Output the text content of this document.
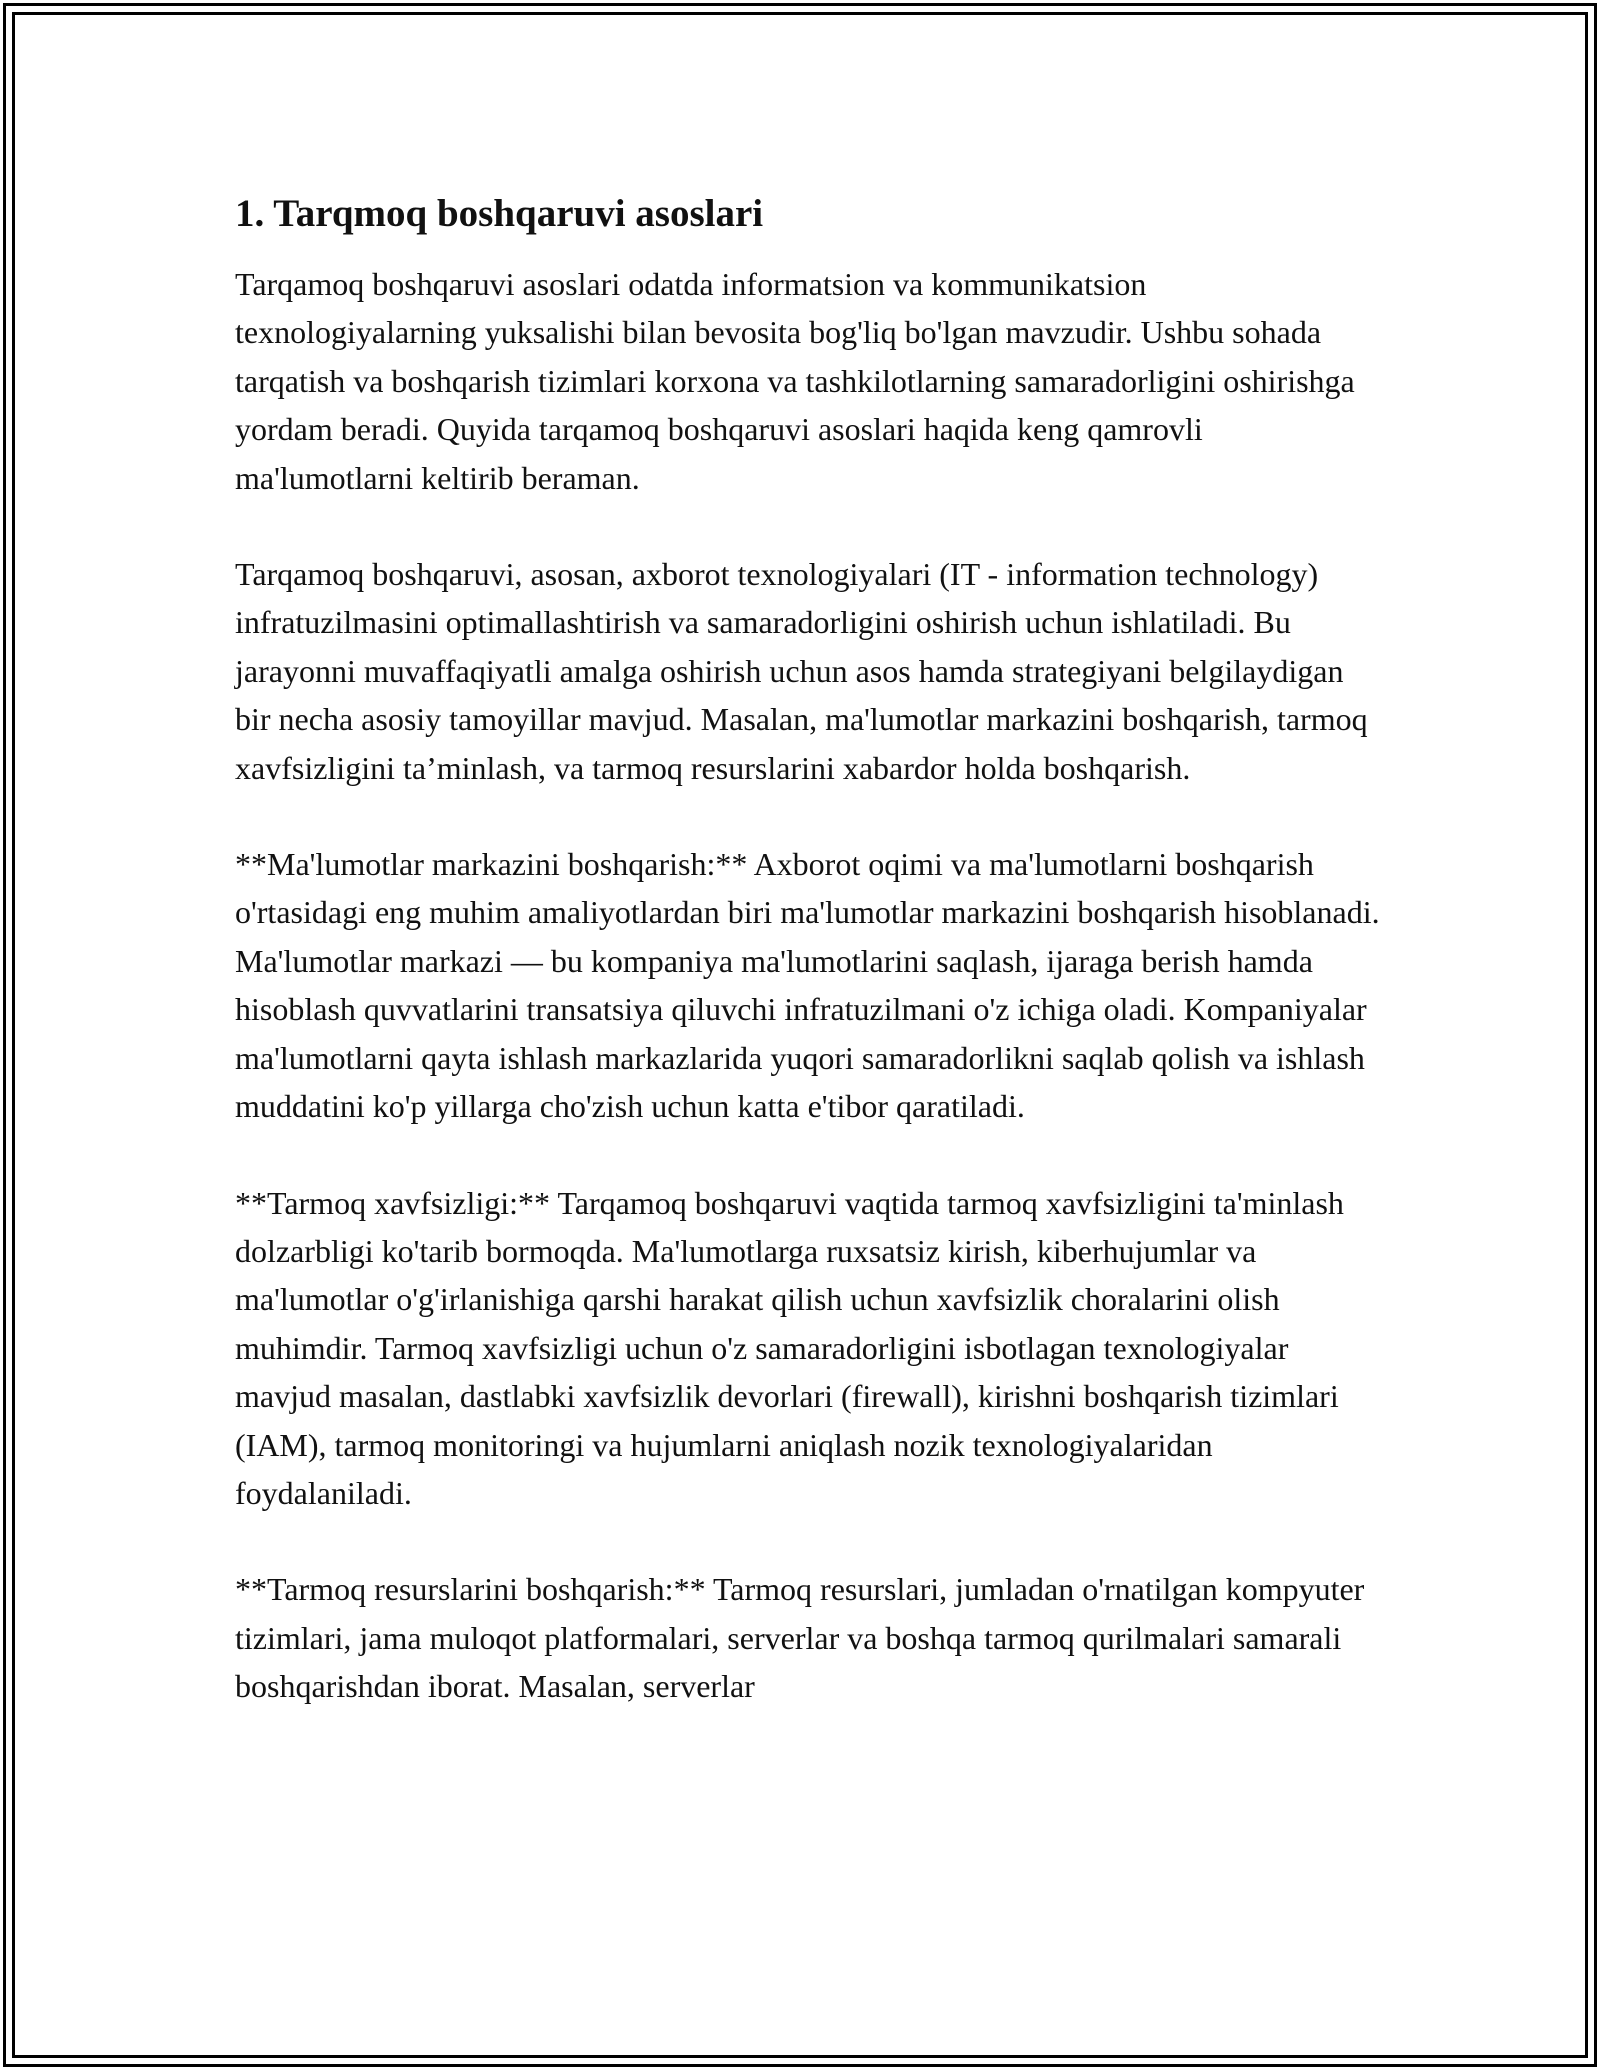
1. Tarqmoq boshqaruvi asoslari

Tarqamoq boshqaruvi asoslari odatda informatsion va kommunikatsion texnologiyalarning yuksalishi bilan bevosita bog'liq bo'lgan mavzudir. Ushbu sohada tarqatish va boshqarish tizimlari korxona va tashkilotlarning samaradorligini oshirishga yordam beradi. Quyida tarqamoq boshqaruvi asoslari haqida keng qamrovli ma'lumotlarni keltirib beraman.

Tarqamoq boshqaruvi, asosan, axborot texnologiyalari (IT - information technology) infratuzilmasini optimallashtirish va samaradorligini oshirish uchun ishlatiladi. Bu jarayonni muvaffaqiyatli amalga oshirish uchun asos hamda strategiyani belgilaydigan bir necha asosiy tamoyillar mavjud. Masalan, ma'lumotlar markazini boshqarish, tarmoq xavfsizligini ta’minlash, va tarmoq resurslarini xabardor holda boshqarish.

**Ma'lumotlar markazini boshqarish:** Axborot oqimi va ma'lumotlarni boshqarish o'rtasidagi eng muhim amaliyotlardan biri ma'lumotlar markazini boshqarish hisoblanadi. Ma'lumotlar markazi — bu kompaniya ma'lumotlarini saqlash, ijaraga berish hamda hisoblash quvvatlarini transatsiya qiluvchi infratuzilmani o'z ichiga oladi. Kompaniyalar ma'lumotlarni qayta ishlash markazlarida yuqori samaradorlikni saqlab qolish va ishlash muddatini ko'p yillarga cho'zish uchun katta e'tibor qaratiladi.

**Tarmoq xavfsizligi:** Tarqamoq boshqaruvi vaqtida tarmoq xavfsizligini ta'minlash dolzarbligi ko'tarib bormoqda. Ma'lumotlarga ruxsatsiz kirish, kiberhujumlar va ma'lumotlar o'g'irlanishiga qarshi harakat qilish uchun xavfsizlik choralarini olish muhimdir. Tarmoq xavfsizligi uchun o'z samaradorligini isbotlagan texnologiyalar mavjud masalan, dastlabki xavfsizlik devorlari (firewall), kirishni boshqarish tizimlari (IAM), tarmoq monitoringi va hujumlarni aniqlash nozik texnologiyalaridan foydalaniladi.

**Tarmoq resurslarini boshqarish:** Tarmoq resurslari, jumladan o'rnatilgan kompyuter tizimlari, jama muloqot platformalari, serverlar va boshqa tarmoq qurilmalari samarali boshqarishdan iborat. Masalan, serverlar
